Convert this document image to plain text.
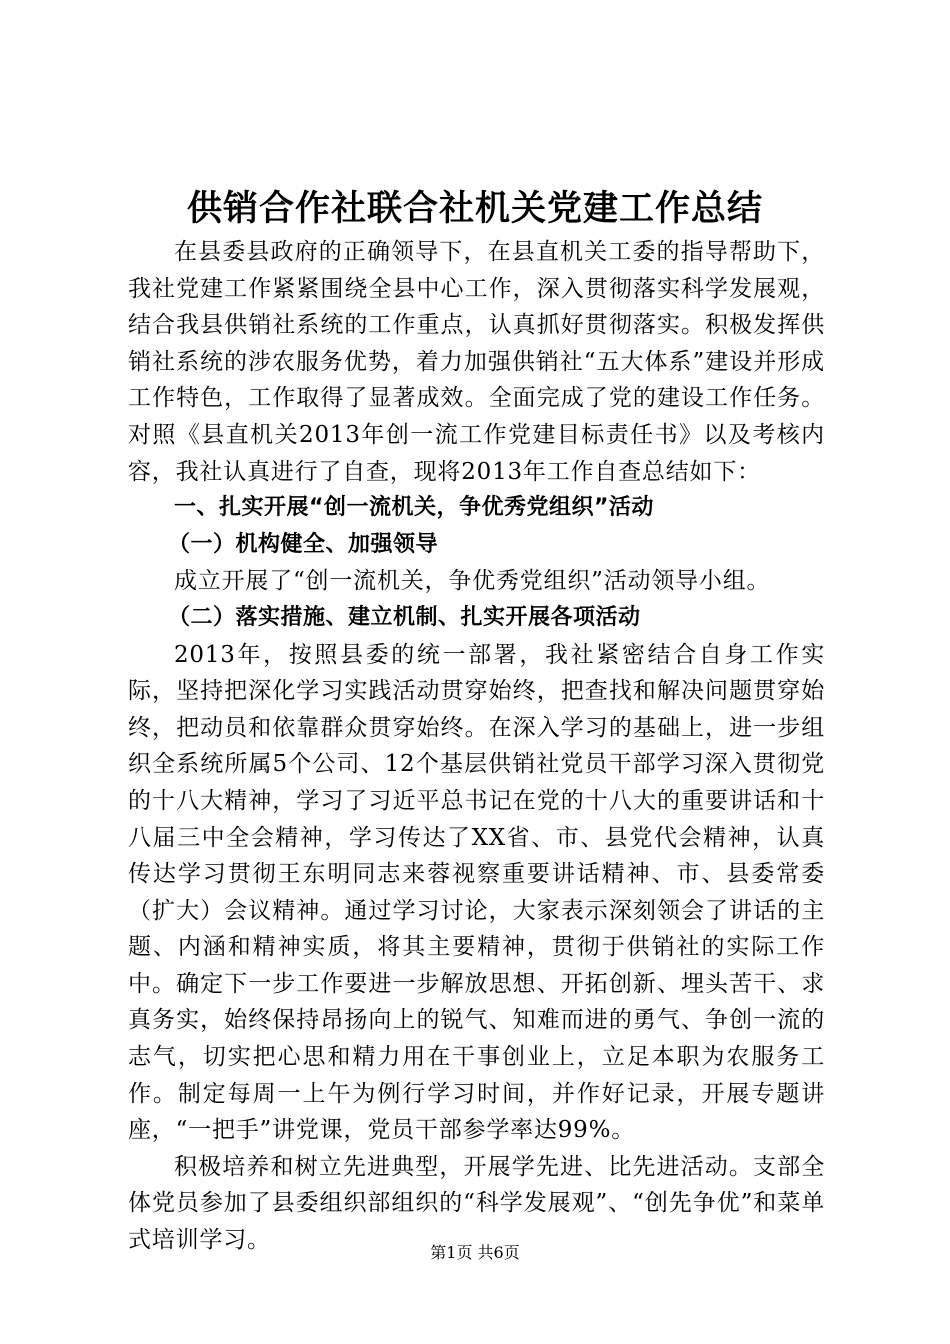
供销合作社联合社机关党建工作总结

在县委县政府的正确领导下，在县直机关工委的指导帮助下，我社党建工作紧紧围绕全县中心工作，深入贯彻落实科学发展观，结合我县供销社系统的工作重点，认真抓好贯彻落实。积极发挥供销社系统的涉农服务优势，着力加强供销社“五大体系”建设并形成工作特色，工作取得了显著成效。全面完成了党的建设工作任务。对照《县直机关2013年创一流工作党建目标责任书》以及考核内容，我社认真进行了自查，现将2013年工作自查总结如下：

一、扎实开展“创一流机关，争优秀党组织”活动

（一）机构健全、加强领导

成立开展了“创一流机关，争优秀党组织”活动领导小组。

（二）落实措施、建立机制、扎实开展各项活动

2013年，按照县委的统一部署，我社紧密结合自身工作实际，坚持把深化学习实践活动贯穿始终，把查找和解决问题贯穿始终，把动员和依靠群众贯穿始终。在深入学习的基础上，进一步组织全系统所属5个公司、12个基层供销社党员干部学习深入贯彻党的十八大精神，学习了习近平总书记在党的十八大的重要讲话和十八届三中全会精神，学习传达了XX省、市、县党代会精神，认真传达学习贯彻王东明同志来蓉视察重要讲话精神、市、县委常委（扩大）会议精神。通过学习讨论，大家表示深刻领会了讲话的主题、内涵和精神实质，将其主要精神，贯彻于供销社的实际工作中。确定下一步工作要进一步解放思想、开拓创新、埋头苦干、求真务实，始终保持昂扬向上的锐气、知难而进的勇气、争创一流的志气，切实把心思和精力用在干事创业上，立足本职为农服务工作。制定每周一上午为例行学习时间，并作好记录，开展专题讲座，“一把手”讲党课，党员干部参学率达99%。

积极培养和树立先进典型，开展学先进、比先进活动。支部全体党员参加了县委组织部组织的“科学发展观”、“创先争优”和菜单式培训学习。	第1页 共6页
